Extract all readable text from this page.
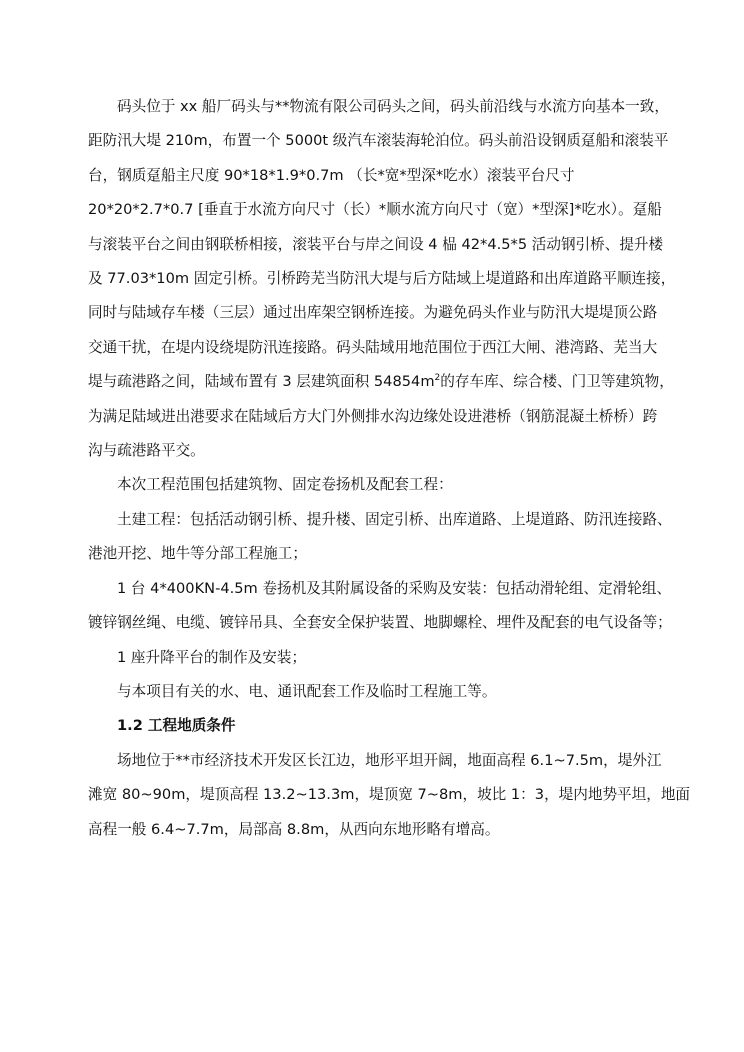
码头位于 xx 船厂码头与**物流有限公司码头之间，码头前沿线与水流方向基本一致，

距防汛大堤 210m，布置一个 5000t 级汽车滚装海轮泊位。码头前沿设钢质趸船和滚装平

台，钢质趸船主尺度 90*18*1.9*0.7m （长*宽*型深*吃水）滚装平台尺寸

20*20*2.7*0.7 [垂直于水流方向尺寸（长）*顺水流方向尺寸（宽）*型深]*吃水）。趸船

与滚装平台之间由钢联桥相接，滚装平台与岸之间设 4 榀 42*4.5*5 活动钢引桥、提升楼

及 77.03*10m 固定引桥。引桥跨芜当防汛大堤与后方陆域上堤道路和出库道路平顺连接，

同时与陆域存车楼（三层）通过出库架空钢桥连接。为避免码头作业与防汛大堤堤顶公路

交通干扰，在堤内设绕堤防汛连接路。码头陆域用地范围位于西江大闸、港湾路、芜当大

堤与疏港路之间，陆域布置有 3 层建筑面积 $54854m^2$的存车库、综合楼、门卫等建筑物，

为满足陆域进出港要求在陆域后方大门外侧排水沟边缘处设进港桥（钢筋混凝土桥桥）跨

沟与疏港路平交。

本次工程范围包括建筑物、固定卷扬机及配套工程：

土建工程：包括活动钢引桥、提升楼、固定引桥、出库道路、上堤道路、防汛连接路、

港池开挖、地牛等分部工程施工；

1 台 4*400KN-4.5m 卷扬机及其附属设备的采购及安装：包括动滑轮组、定滑轮组、

镀锌钢丝绳、电缆、镀锌吊具、全套安全保护装置、地脚螺栓、埋件及配套的电气设备等；

1 座升降平台的制作及安装；

与本项目有关的水、电、通讯配套工作及临时工程施工等。

1.2 工程地质条件

场地位于**市经济技术开发区长江边，地形平坦开阔，地面高程 6.1~7.5m，堤外江

滩宽 80~90m，堤顶高程 13.2~13.3m，堤顶宽 7~8m，坡比 1：3，堤内地势平坦，地面

高程一般 6.4~7.7m，局部高 8.8m，从西向东地形略有增高。
